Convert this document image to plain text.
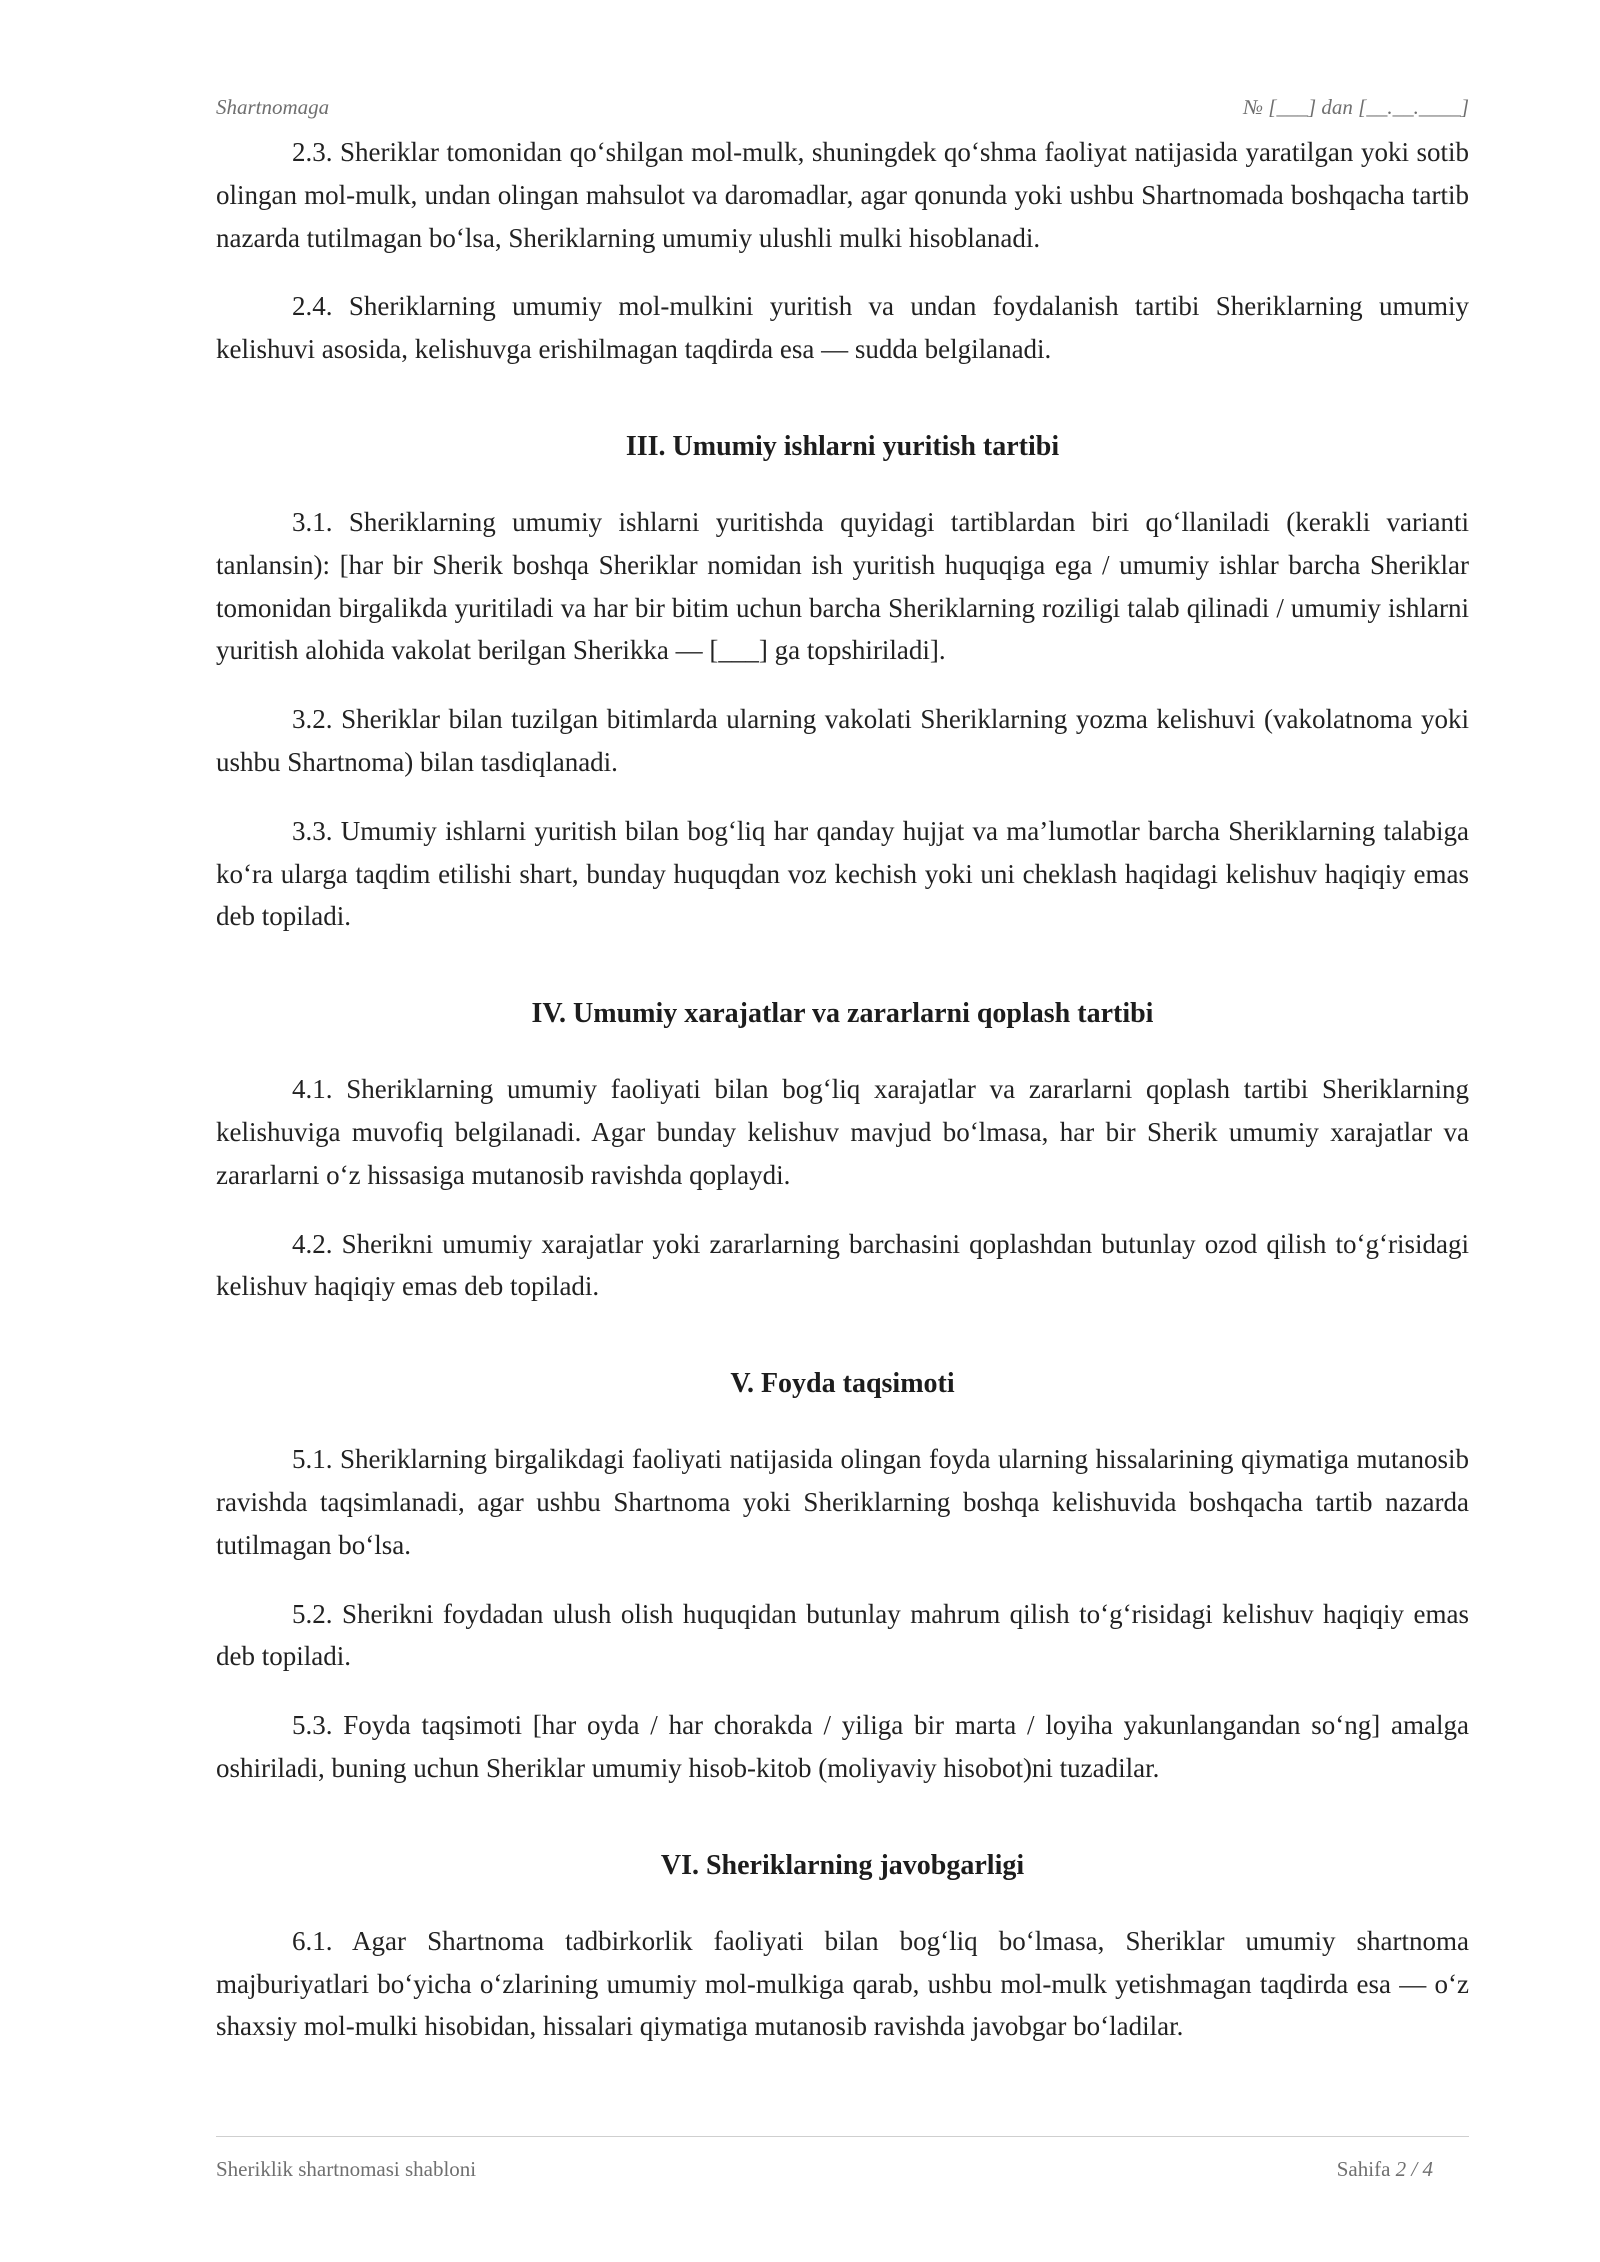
Shartnomaga	№ [___] dan [__.__.____]

2.3. Sheriklar tomonidan qo‘shilgan mol-mulk, shuningdek qo‘shma faoliyat natijasida yaratilgan yoki sotib olingan mol-mulk, undan olingan mahsulot va daromadlar, agar qonunda yoki ushbu Shartnomada boshqacha tartib nazarda tutilmagan bo‘lsa, Sheriklarning umumiy ulushli mulki hisoblanadi.

2.4. Sheriklarning umumiy mol-mulkini yuritish va undan foydalanish tartibi Sheriklarning umumiy kelishuvi asosida, kelishuvga erishilmagan taqdirda esa — sudda belgilanadi.

III. Umumiy ishlarni yuritish tartibi

3.1. Sheriklarning umumiy ishlarni yuritishda quyidagi tartiblardan biri qo‘llaniladi (kerakli varianti tanlansin): [har bir Sherik boshqa Sheriklar nomidan ish yuritish huquqiga ega / umumiy ishlar barcha Sheriklar tomonidan birgalikda yuritiladi va har bir bitim uchun barcha Sheriklarning roziligi talab qilinadi / umumiy ishlarni yuritish alohida vakolat berilgan Sherikka — [___] ga topshiriladi].

3.2. Sheriklar bilan tuzilgan bitimlarda ularning vakolati Sheriklarning yozma kelishuvi (vakolatnoma yoki ushbu Shartnoma) bilan tasdiqlanadi.

3.3. Umumiy ishlarni yuritish bilan bog‘liq har qanday hujjat va ma’lumotlar barcha Sheriklarning talabiga ko‘ra ularga taqdim etilishi shart, bunday huquqdan voz kechish yoki uni cheklash haqidagi kelishuv haqiqiy emas deb topiladi.

IV. Umumiy xarajatlar va zararlarni qoplash tartibi

4.1. Sheriklarning umumiy faoliyati bilan bog‘liq xarajatlar va zararlarni qoplash tartibi Sheriklarning kelishuviga muvofiq belgilanadi. Agar bunday kelishuv mavjud bo‘lmasa, har bir Sherik umumiy xarajatlar va zararlarni o‘z hissasiga mutanosib ravishda qoplaydi.

4.2. Sherikni umumiy xarajatlar yoki zararlarning barchasini qoplashdan butunlay ozod qilish to‘g‘risidagi kelishuv haqiqiy emas deb topiladi.

V. Foyda taqsimoti

5.1. Sheriklarning birgalikdagi faoliyati natijasida olingan foyda ularning hissalarining qiymatiga mutanosib ravishda taqsimlanadi, agar ushbu Shartnoma yoki Sheriklarning boshqa kelishuvida boshqacha tartib nazarda tutilmagan bo‘lsa.

5.2. Sherikni foydadan ulush olish huquqidan butunlay mahrum qilish to‘g‘risidagi kelishuv haqiqiy emas deb topiladi.

5.3. Foyda taqsimoti [har oyda / har chorakda / yiliga bir marta / loyiha yakunlangandan so‘ng] amalga oshiriladi, buning uchun Sheriklar umumiy hisob-kitob (moliyaviy hisobot)ni tuzadilar.

VI. Sheriklarning javobgarligi

6.1. Agar Shartnoma tadbirkorlik faoliyati bilan bog‘liq bo‘lmasa, Sheriklar umumiy shartnoma majburiyatlari bo‘yicha o‘zlarining umumiy mol-mulkiga qarab, ushbu mol-mulk yetishmagan taqdirda esa — o‘z shaxsiy mol-mulki hisobidan, hissalari qiymatiga mutanosib ravishda javobgar bo‘ladilar.

Sheriklik shartnomasi shabloni	Sahifa 2 / 4
